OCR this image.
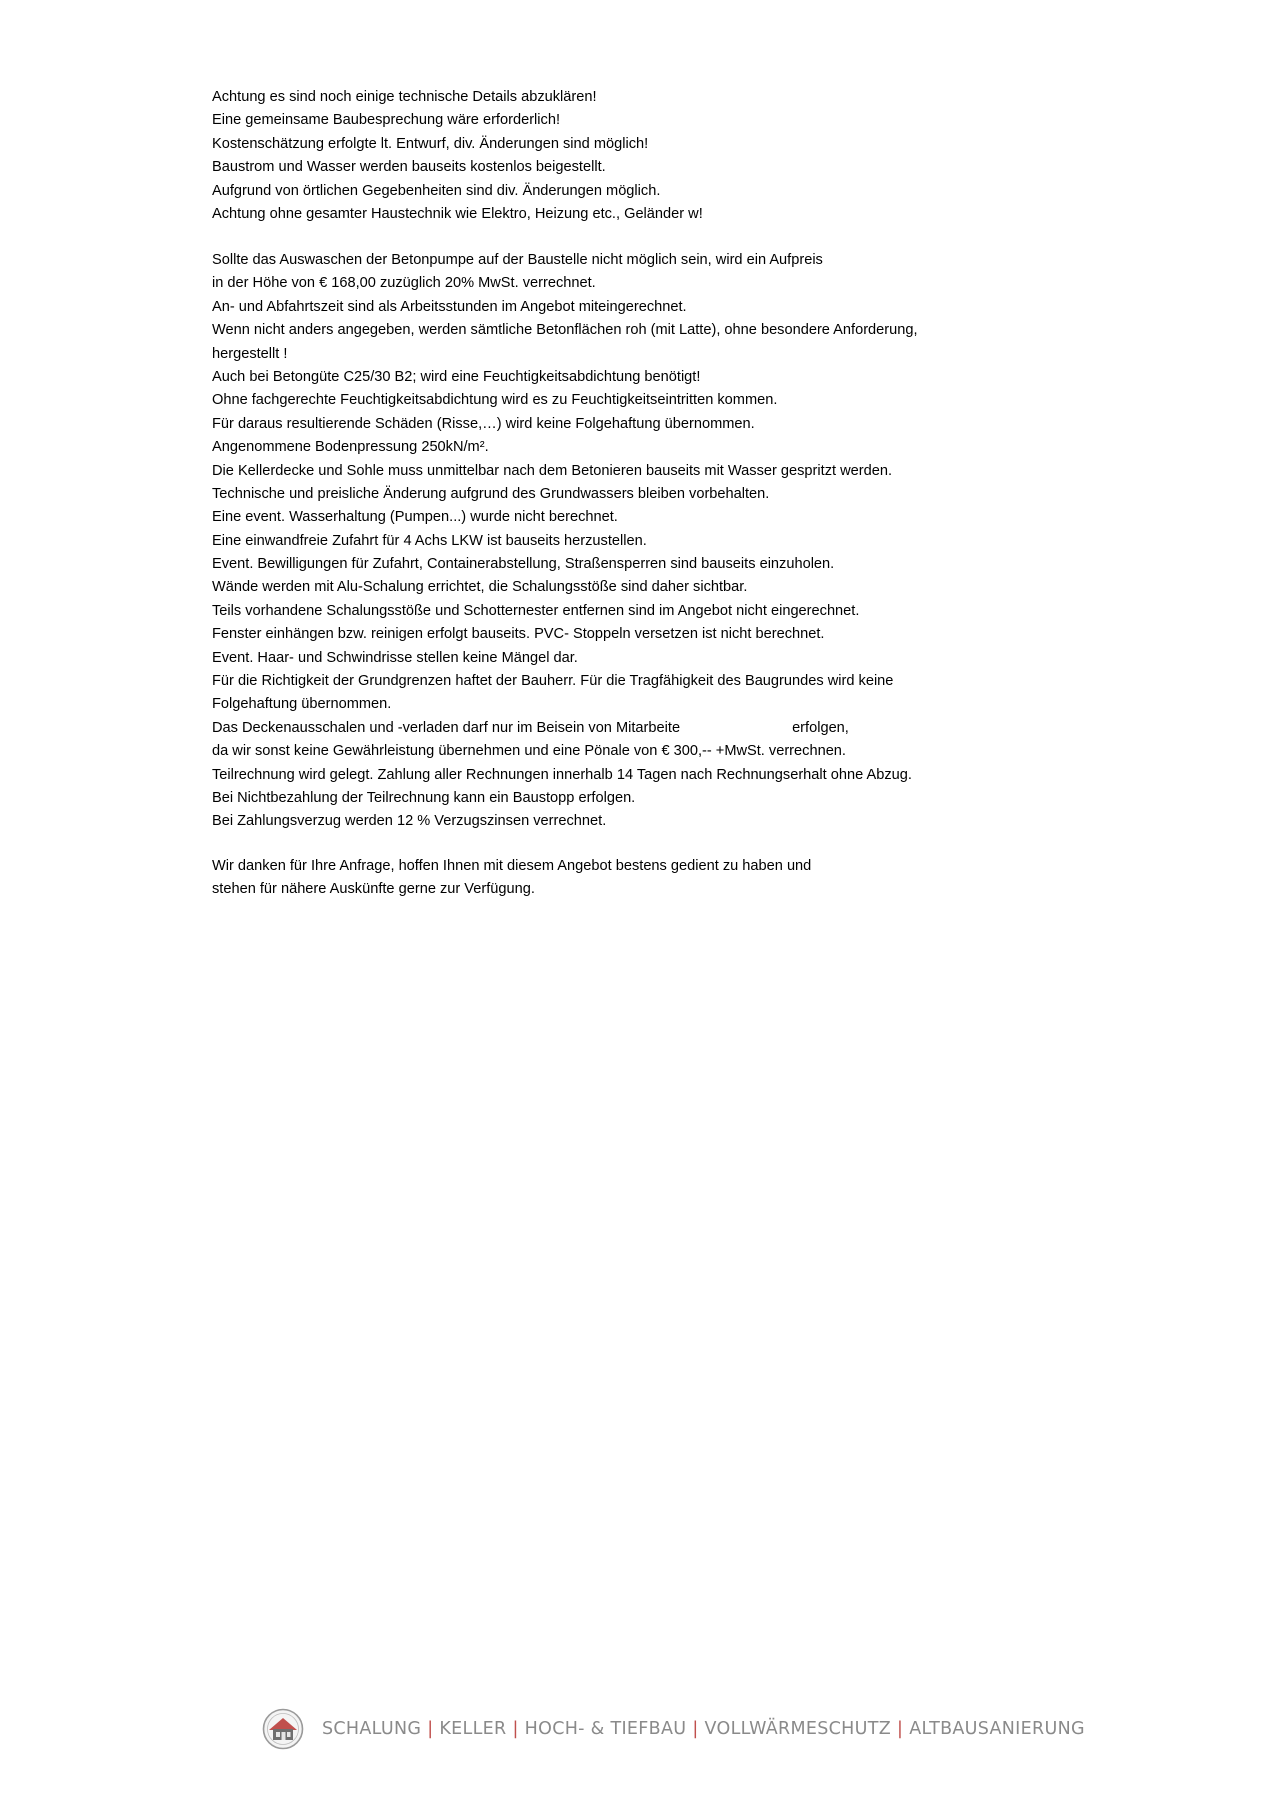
Achtung es sind noch einige technische Details abzuklären!
Eine gemeinsame Baubesprechung wäre erforderlich!
Kostenschätzung erfolgte lt. Entwurf, div. Änderungen sind möglich!
Baustrom und Wasser werden bauseits kostenlos beigestellt.
Aufgrund von örtlichen Gegebenheiten sind div. Änderungen möglich.
Achtung ohne gesamter Haustechnik wie Elektro, Heizung etc., Geländer w!
Sollte das Auswaschen der Betonpumpe auf der Baustelle nicht möglich sein, wird ein Aufpreis
in der Höhe von € 168,00 zuzüglich 20% MwSt. verrechnet.
An- und Abfahrtszeit sind als Arbeitsstunden im Angebot miteingerechnet.
Wenn nicht anders angegeben, werden sämtliche Betonflächen roh (mit Latte), ohne besondere Anforderung,
hergestellt !
Auch bei Betongüte C25/30 B2; wird eine Feuchtigkeitsabdichtung benötigt!
Ohne fachgerechte Feuchtigkeitsabdichtung wird es zu Feuchtigkeitseintritten kommen.
Für daraus resultierende Schäden (Risse,…) wird keine Folgehaftung übernommen.
Angenommene Bodenpressung 250kN/m².
Die Kellerdecke und Sohle muss unmittelbar nach dem Betonieren bauseits mit Wasser gespritzt werden.
Technische und preisliche Änderung aufgrund des Grundwassers bleiben vorbehalten.
Eine event. Wasserhaltung (Pumpen...) wurde nicht berechnet.
Eine einwandfreie Zufahrt für 4 Achs LKW ist bauseits herzustellen.
Event. Bewilligungen für Zufahrt, Containerabstellung, Straßensperren sind bauseits einzuholen.
Wände werden mit Alu-Schalung errichtet, die Schalungsstöße sind daher sichtbar.
Teils vorhandene Schalungsstöße und Schotternester entfernen sind im Angebot nicht eingerechnet.
Fenster einhängen bzw. reinigen erfolgt bauseits. PVC- Stoppeln versetzen ist nicht berechnet.
Event. Haar- und Schwindrisse stellen keine Mängel dar.
Für die Richtigkeit der Grundgrenzen haftet der Bauherr. Für die Tragfähigkeit des Baugrundes wird keine
Folgehaftung übernommen.
Das Deckenausschalen und -verladen darf nur im Beisein von Mitarbeite	erfolgen,
da wir sonst keine Gewährleistung übernehmen und eine Pönale von € 300,-- +MwSt. verrechnen.
Teilrechnung wird gelegt. Zahlung aller Rechnungen innerhalb 14 Tagen nach Rechnungserhalt ohne Abzug.
Bei Nichtbezahlung der Teilrechnung kann ein Baustopp erfolgen.
Bei Zahlungsverzug werden 12 % Verzugszinsen verrechnet.
Wir danken für Ihre Anfrage, hoffen Ihnen mit diesem Angebot bestens gedient zu haben und
stehen für nähere Auskünfte gerne zur Verfügung.
SCHALUNG | KELLER | HOCH- & TIEFBAU | VOLLWÄRMESCHUTZ | ALTBAUSANIERUNG
